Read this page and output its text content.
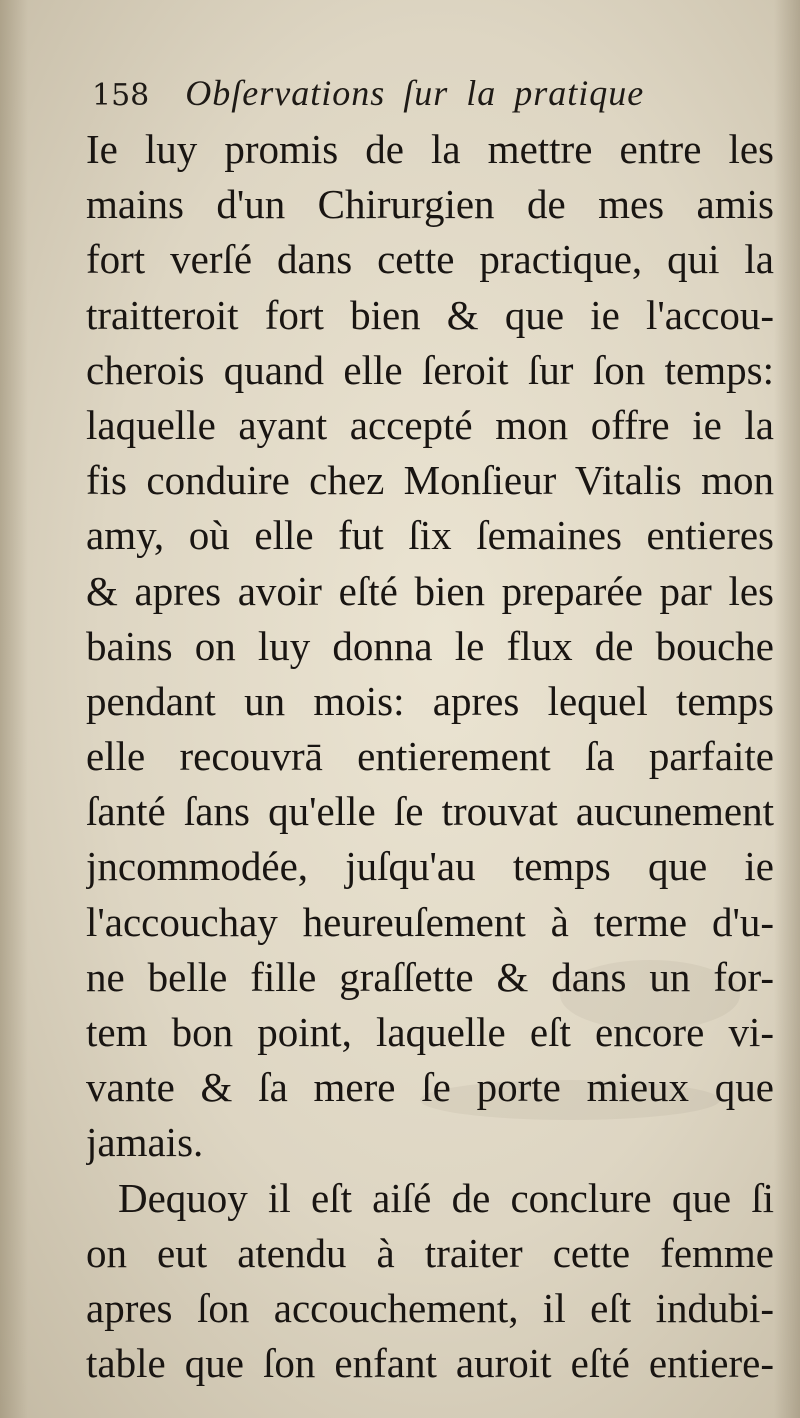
158 Obſervations ſur la pratique
Ie luy promis de la mettre entre les
mains d'un Chirurgien de mes amis
fort verſé dans cette practique, qui la
traitteroit fort bien & que ie l'accou-
cherois quand elle ſeroit ſur ſon temps:
laquelle ayant accepté mon offre ie la
fis conduire chez Monſieur Vitalis mon
amy, où elle fut ſix ſemaines entieres
& apres avoir eſté bien preparée par les
bains on luy donna le flux de bouche
pendant un mois: apres lequel temps
elle recouvrā entierement ſa parfaite
ſanté ſans qu'elle ſe trouvat aucunement
jncommodée, juſqu'au temps que ie
l'accouchay heureuſement à terme d'u-
ne belle fille graſſette & dans un for-
tem bon point, laquelle eſt encore vi-
vante & ſa mere ſe porte mieux que
jamais.
Dequoy il eſt aiſé de conclure que ſi
on eut atendu à traiter cette femme
apres ſon accouchement, il eſt indubi-
table que ſon enfant auroit eſté entiere-
